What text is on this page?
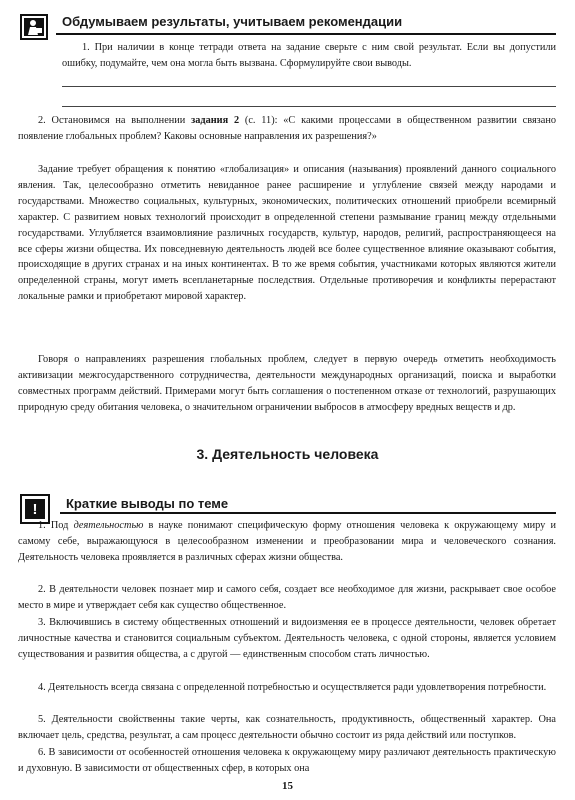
Обдумываем результаты, учитываем рекомендации

1. При наличии в конце тетради ответа на задание сверьте с ним свой результат. Если вы допустили ошибку, подумайте, чем она могла быть вызвана. Сформулируйте свои выводы.

2. Остановимся на выполнении задания 2 (с. 11): «С какими процессами в общественном развитии связано появление глобальных проблем? Каковы основные направления их разрешения?»

Задание требует обращения к понятию «глобализация» и описания (называния) проявлений данного социального явления. Так, целесообразно отметить невиданное ранее расширение и углубление связей между народами и государствами. Множество социальных, культурных, экономических, политических отношений приобрели всемирный характер. С развитием новых технологий происходит в определенной степени размывание границ между отдельными государствами. Углубляется взаимовлияние различных государств, культур, народов, религий, распространяющееся на все сферы жизни общества. Их повседневную деятельность людей все более существенное влияние оказывают события, происходящие в других странах и на иных континентах. В то же время события, участниками которых являются жители определенной страны, могут иметь всепланетарные последствия. Отдельные противоречия и конфликты перерастают локальные рамки и приобретают мировой характер.

Говоря о направлениях разрешения глобальных проблем, следует в первую очередь отметить необходимость активизации межгосударственного сотрудничества, деятельности международных организаций, поиска и выработки совместных программ действий. Примерами могут быть соглашения о постепенном отказе от технологий, разрушающих природную среду обитания человека, о значительном ограничении выбросов в атмосферу вредных веществ и др.

3. Деятельность человека
!	Краткие выводы по теме

1. Под деятельностью в науке понимают специфическую форму отношения человека к окружающему миру и самому себе, выражающуюся в целесообразном изменении и преобразовании мира и человеческого сознания. Деятельность человека проявляется в различных сферах жизни общества.

2. В деятельности человек познает мир и самого себя, создает все необходимое для жизни, раскрывает свое особое место в мире и утверждает себя как существо общественное.

3. Включившись в систему общественных отношений и видоизменяя ее в процессе деятельности, человек обретает личностные качества и становится социальным субъектом. Деятельность человека, с одной стороны, является условием существования и развития общества, а с другой — единственным способом стать личностью.

4. Деятельность всегда связана с определенной потребностью и осуществляется ради удовлетворения потребности.

5. Деятельности свойственны такие черты, как сознательность, продуктивность, общественный характер. Она включает цель, средства, результат, а сам процесс деятельности обычно состоит из ряда действий или поступков.

6. В зависимости от особенностей отношения человека к окружающему миру различают деятельность практическую и духовную. В зависимости от общественных сфер, в которых она

15
